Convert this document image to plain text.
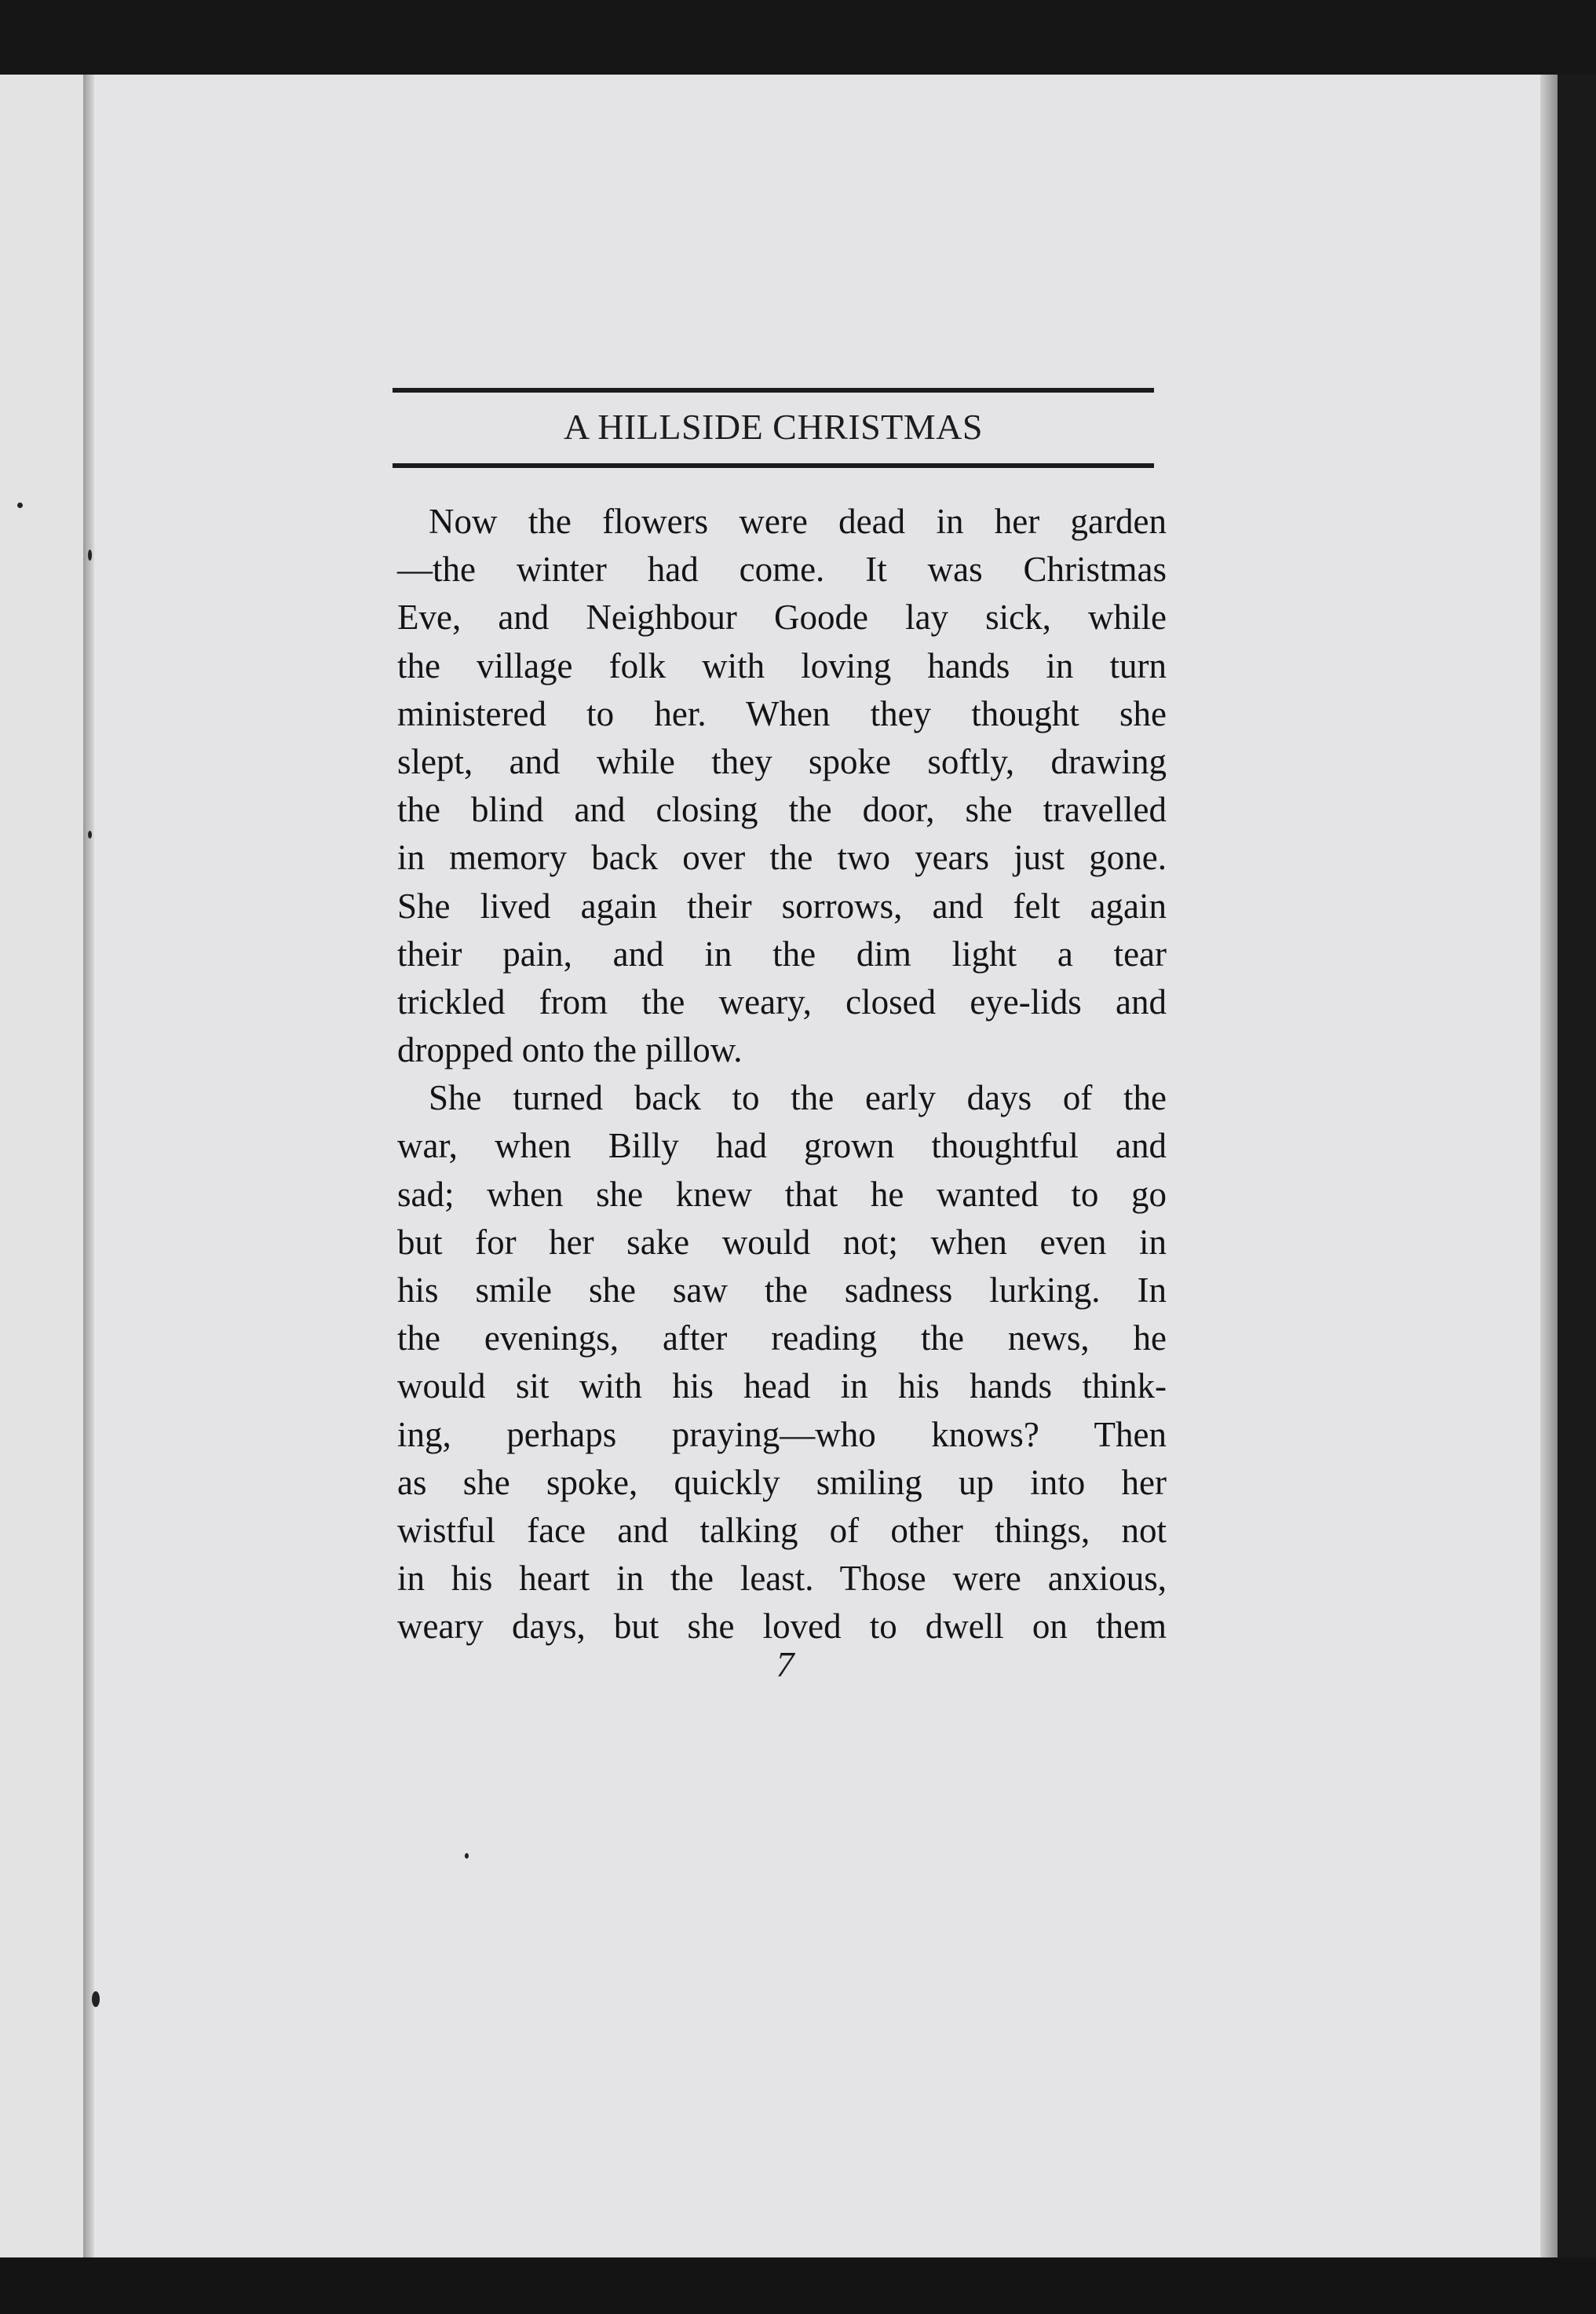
A HILLSIDE CHRISTMAS
Now the flowers were dead in her garden
—the winter had come. It was Christmas
Eve, and Neighbour Goode lay sick, while
the village folk with loving hands in turn
ministered to her. When they thought she
slept, and while they spoke softly, drawing
the blind and closing the door, she travelled
in memory back over the two years just gone.
She lived again their sorrows, and felt again
their pain, and in the dim light a tear
trickled from the weary, closed eye-lids and
dropped onto the pillow.
She turned back to the early days of the
war, when Billy had grown thoughtful and
sad; when she knew that he wanted to go
but for her sake would not; when even in
his smile she saw the sadness lurking. In
the evenings, after reading the news, he
would sit with his head in his hands think-
ing, perhaps praying—who knows? Then
as she spoke, quickly smiling up into her
wistful face and talking of other things, not
in his heart in the least. Those were anxious,
weary days, but she loved to dwell on them
7
